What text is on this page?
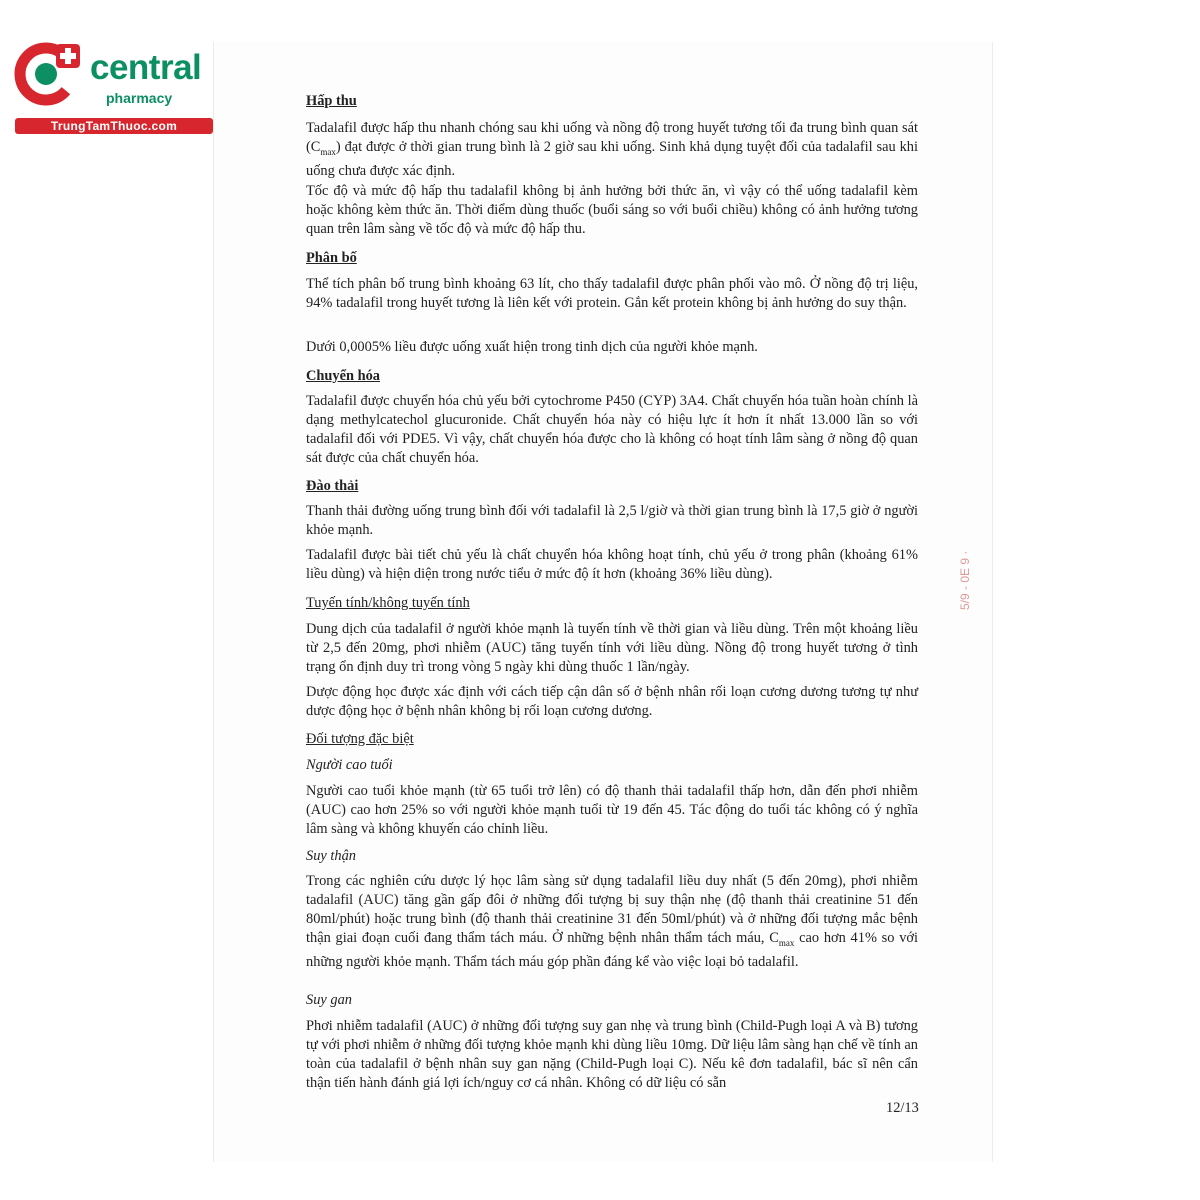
central
pharmacy
TrungTamThuoc.com
Hấp thu

Tadalafil được hấp thu nhanh chóng sau khi uống và nồng độ trong huyết tương tối đa trung bình quan sát $(C_{max})$ đạt được ở thời gian trung bình là 2 giờ sau khi uống. Sinh khả dụng tuyệt đối của tadalafil sau khi uống chưa được xác định.

Tốc độ và mức độ hấp thu tadalafil không bị ảnh hưởng bởi thức ăn, vì vậy có thể uống tadalafil kèm hoặc không kèm thức ăn. Thời điểm dùng thuốc (buổi sáng so với buổi chiều) không có ảnh hưởng tương quan trên lâm sàng về tốc độ và mức độ hấp thu.

Phân bố

Thể tích phân bố trung bình khoảng 63 lít, cho thấy tadalafil được phân phối vào mô. Ở nồng độ trị liệu, 94% tadalafil trong huyết tương là liên kết với protein. Gắn kết protein không bị ảnh hưởng do suy thận.

Dưới 0,0005% liều được uống xuất hiện trong tinh dịch của người khỏe mạnh.

Chuyển hóa

Tadalafil được chuyển hóa chủ yếu bởi cytochrome P450 (CYP) 3A4. Chất chuyển hóa tuần hoàn chính là dạng methylcatechol glucuronide. Chất chuyển hóa này có hiệu lực ít hơn ít nhất 13.000 lần so với tadalafil đối với PDE5. Vì vậy, chất chuyển hóa được cho là không có hoạt tính lâm sàng ở nồng độ quan sát được của chất chuyển hóa.

Đào thải

Thanh thải đường uống trung bình đối với tadalafil là 2,5 l/giờ và thời gian trung bình là 17,5 giờ ở người khỏe mạnh.

Tadalafil được bài tiết chủ yếu là chất chuyển hóa không hoạt tính, chủ yếu ở trong phân (khoảng 61% liều dùng) và hiện diện trong nước tiểu ở mức độ ít hơn (khoảng 36% liều dùng).

Tuyến tính/không tuyến tính

Dung dịch của tadalafil ở người khỏe mạnh là tuyến tính về thời gian và liều dùng. Trên một khoảng liều từ 2,5 đến 20mg, phơi nhiễm (AUC) tăng tuyến tính với liều dùng. Nồng độ trong huyết tương ở tình trạng ổn định duy trì trong vòng 5 ngày khi dùng thuốc 1 lần/ngày.

Dược động học được xác định với cách tiếp cận dân số ở bệnh nhân rối loạn cương dương tương tự như dược động học ở bệnh nhân không bị rối loạn cương dương.

Đối tượng đặc biệt
Người cao tuổi

Người cao tuổi khỏe mạnh (từ 65 tuổi trở lên) có độ thanh thải tadalafil thấp hơn, dẫn đến phơi nhiễm (AUC) cao hơn 25% so với người khỏe mạnh tuổi từ 19 đến 45. Tác động do tuổi tác không có ý nghĩa lâm sàng và không khuyến cáo chỉnh liều.

Suy thận

Trong các nghiên cứu dược lý học lâm sàng sử dụng tadalafil liều duy nhất (5 đến 20mg), phơi nhiễm tadalafil (AUC) tăng gần gấp đôi ở những đối tượng bị suy thận nhẹ (độ thanh thải creatinine 51 đến 80ml/phút) hoặc trung bình (độ thanh thải creatinine 31 đến 50ml/phút) và ở những đối tượng mắc bệnh thận giai đoạn cuối đang thẩm tách máu. Ở những bệnh nhân thẩm tách máu, $C_{max}$ cao hơn 41% so với những người khỏe mạnh. Thẩm tách máu góp phần đáng kể vào việc loại bỏ tadalafil.

Suy gan

Phơi nhiễm tadalafil (AUC) ở những đối tượng suy gan nhẹ và trung bình (Child-Pugh loại A và B) tương tự với phơi nhiễm ở những đối tượng khỏe mạnh khi dùng liều 10mg. Dữ liệu lâm sàng hạn chế về tính an toàn của tadalafil ở bệnh nhân suy gan nặng (Child-Pugh loại C). Nếu kê đơn tadalafil, bác sĩ nên cẩn thận tiến hành đánh giá lợi ích/nguy cơ cá nhân. Không có dữ liệu có sẵn

12/13
5/9 - 0E 9 ·
